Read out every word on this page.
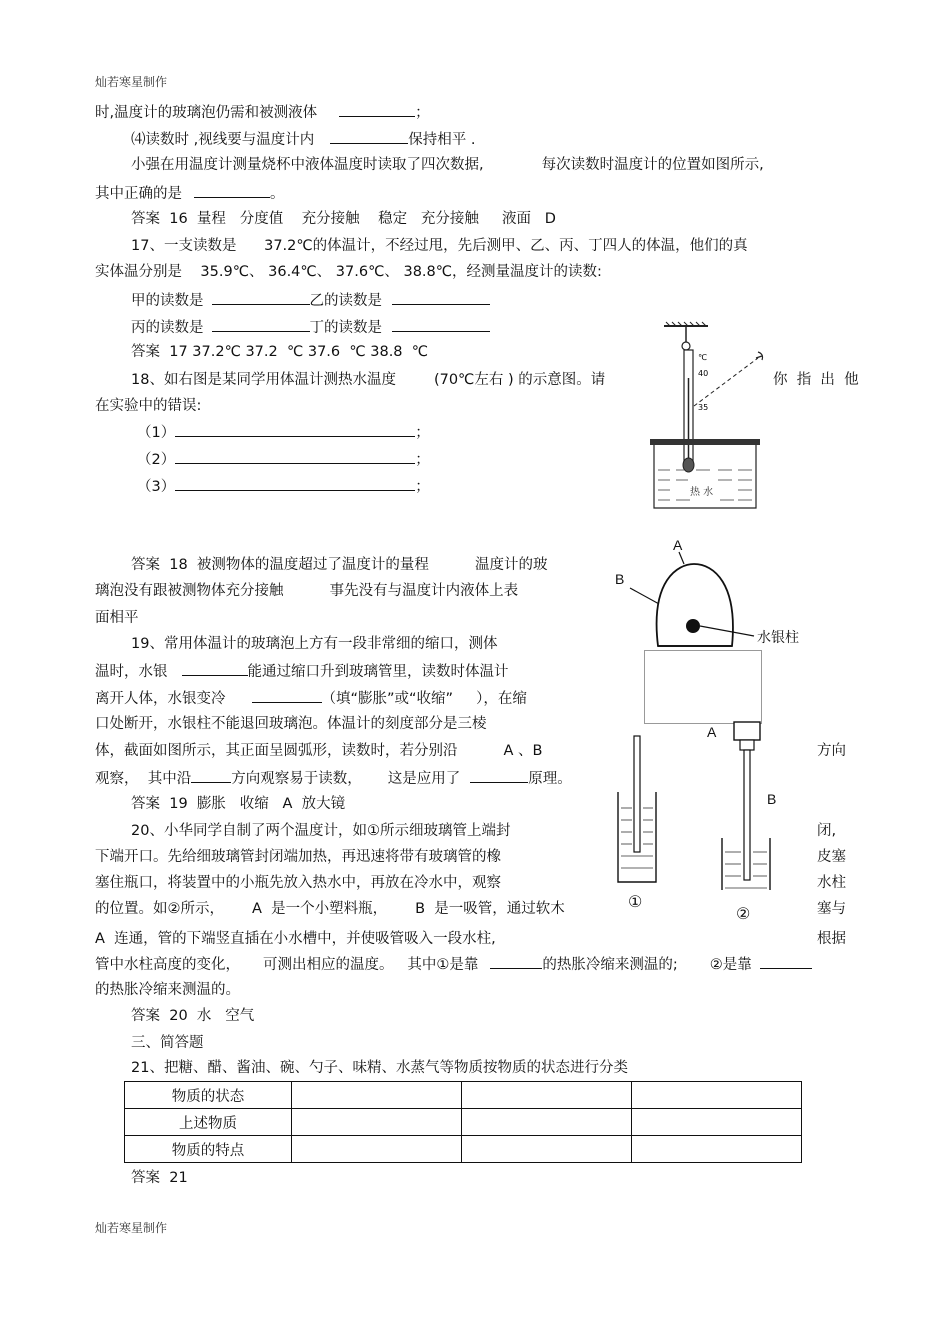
灿若寒星制作
时,温度计的玻璃泡仍需和被测液体	；
⑷读数时 ,视线要与温度计内	保持相平 .
小强在用温度计测量烧杯中液体温度时读取了四次数据,	每次读数时温度计的位置如图所示,
其中正确的是	。
答案  16  量程   分度值    充分接触    稳定   充分接触     液面   D
17、一支读数是      37.2℃的体温计，不经过甩，先后测甲、乙、丙、丁四人的体温，他们的真
实体温分别是    35.9℃、 36.4℃、 37.6℃、 38.8℃，经测量温度计的读数:
甲的读数是	乙的读数是
丙的读数是	丁的读数是
答案  17 37.2℃ 37.2  ℃ 37.6  ℃ 38.8  ℃
18、如右图是某同学用体温计测热水温度	(70℃左右 ) 的示意图。请	你  指  出  他
在实验中的错误:
（1）	；
（2）	；
（3）	；
℃
40
35
热 水
答案  18  被测物体的温度超过了温度计的量程          温度计的玻
璃泡没有跟被测物体充分接触          事先没有与温度计内液体上表
面相平
A
B
水银柱
19、常用体温计的玻璃泡上方有一段非常细的缩口，测体
温时，水银	能通过缩口升到玻璃管里，读数时体温计
离开人体，水银变冷	（填“膨胀”或“收缩”     ），在缩
口处断开，水银柱不能退回玻璃泡。体温计的刻度部分是三棱
体，截面如图所示，其正面呈圆弧形，读数时，若分别沿	A 、B	方向
观察，  其中沿	方向观察易于读数， 这是应用了	原理。
答案  19  膨胀   收缩   A  放大镜
A
B
①
②
20、小华同学自制了两个温度计，如①所示细玻璃管上端封	闭,
下端开口。先给细玻璃管封闭端加热，再迅速将带有玻璃管的橡	皮塞
塞住瓶口，将装置中的小瓶先放入热水中，再放在冷水中，观察	水柱
的位置。如②所示， A  是一个小塑料瓶， B  是一吸管，通过软木	塞与
A  连通，管的下端竖直插在小水槽中，并使吸管吸入一段水柱,	根据
管中水柱高度的变化，     可测出相应的温度。   其中①是靠	的热胀冷缩来测温的; ②是靠
的热胀冷缩来测温的。
答案  20  水   空气
三、简答题
21、把糖、醋、酱油、碗、勺子、味精、水蒸气等物质按物质的状态进行分类
物质的状态			
上述物质			
物质的特点			
答案  21
灿若寒星制作
